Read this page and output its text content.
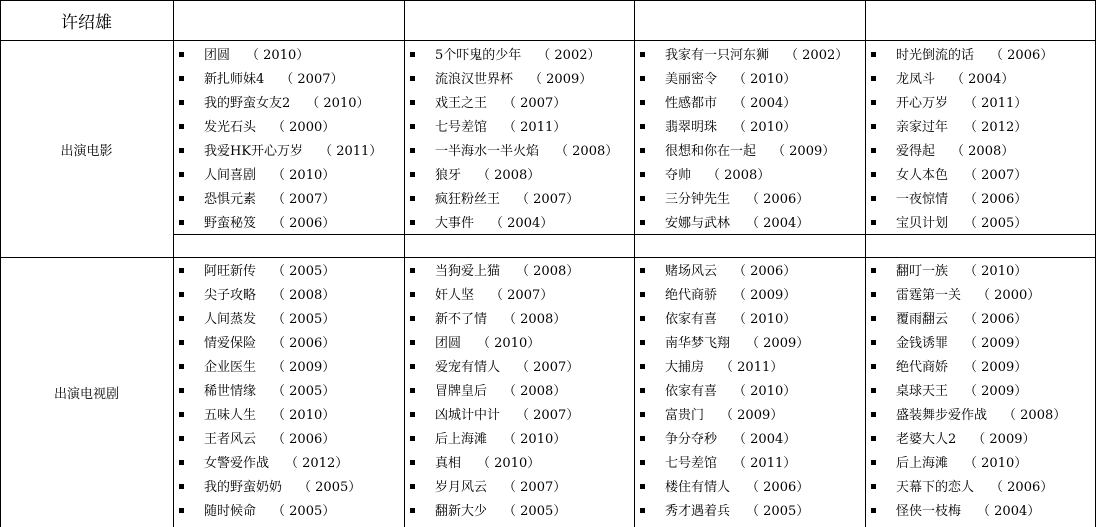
许绍雄
出演电影
出演电视剧
团圆 （ 2010）
新扎师妹4 （ 2007）
我的野蛮女友2 （ 2010）
发光石头 （ 2000）
我爱HK开心万岁 （ 2011）
人间喜剧 （ 2010）
恐惧元素 （ 2007）
野蛮秘笈 （ 2006）
5个吓鬼的少年 （ 2002）
流浪汉世界杯 （ 2009）
戏王之王 （ 2007）
七号差馆 （ 2011）
一半海水一半火焰 （ 2008）
狼牙 （ 2008）
疯狂粉丝王 （ 2007）
大事件 （ 2004）
我家有一只河东狮 （ 2002）
美丽密令 （ 2010）
性感都市 （ 2004）
翡翠明珠 （ 2010）
很想和你在一起 （ 2009）
夺帅 （ 2008）
三分钟先生 （ 2006）
安娜与武林 （ 2004）
时光倒流的话 （ 2006）
龙凤斗 （ 2004）
开心万岁 （ 2011）
亲家过年 （ 2012）
爱得起 （ 2008）
女人本色 （ 2007）
一夜惊情 （ 2006）
宝贝计划 （ 2005）
阿旺新传 （ 2005）
尖子攻略 （ 2008）
人间蒸发 （ 2005）
情爱保险 （ 2006）
企业医生 （ 2009）
稀世情缘 （ 2005）
五味人生 （ 2010）
王者风云 （ 2006）
女警爱作战 （ 2012）
我的野蛮奶奶 （ 2005）
随时候命 （ 2005）
当狗爱上猫 （ 2008）
奸人坚 （ 2007）
新不了情 （ 2008）
团圆 （ 2010）
爱宠有情人 （ 2007）
冒牌皇后 （ 2008）
凶城计中计 （ 2007）
后上海滩 （ 2010）
真相 （ 2010）
岁月风云 （ 2007）
翻新大少 （ 2005）
赌场风云 （ 2006）
绝代商骄 （ 2009）
依家有喜 （ 2010）
南华梦飞翔 （ 2009）
大捕房 （ 2011）
依家有喜 （ 2010）
富贵门 （ 2009）
争分夺秒 （ 2004）
七号差馆 （ 2011）
楼住有情人 （ 2006）
秀才遇着兵 （ 2005）
翻叮一族 （ 2010）
雷霆第一关 （ 2000）
覆雨翻云 （ 2006）
金钱诱罪 （ 2009）
绝代商娇 （ 2009）
桌球天王 （ 2009）
盛装舞步爱作战 （ 2008）
老婆大人2 （ 2009）
后上海滩 （ 2010）
天幕下的恋人 （ 2006）
怪侠一枝梅 （ 2004）
